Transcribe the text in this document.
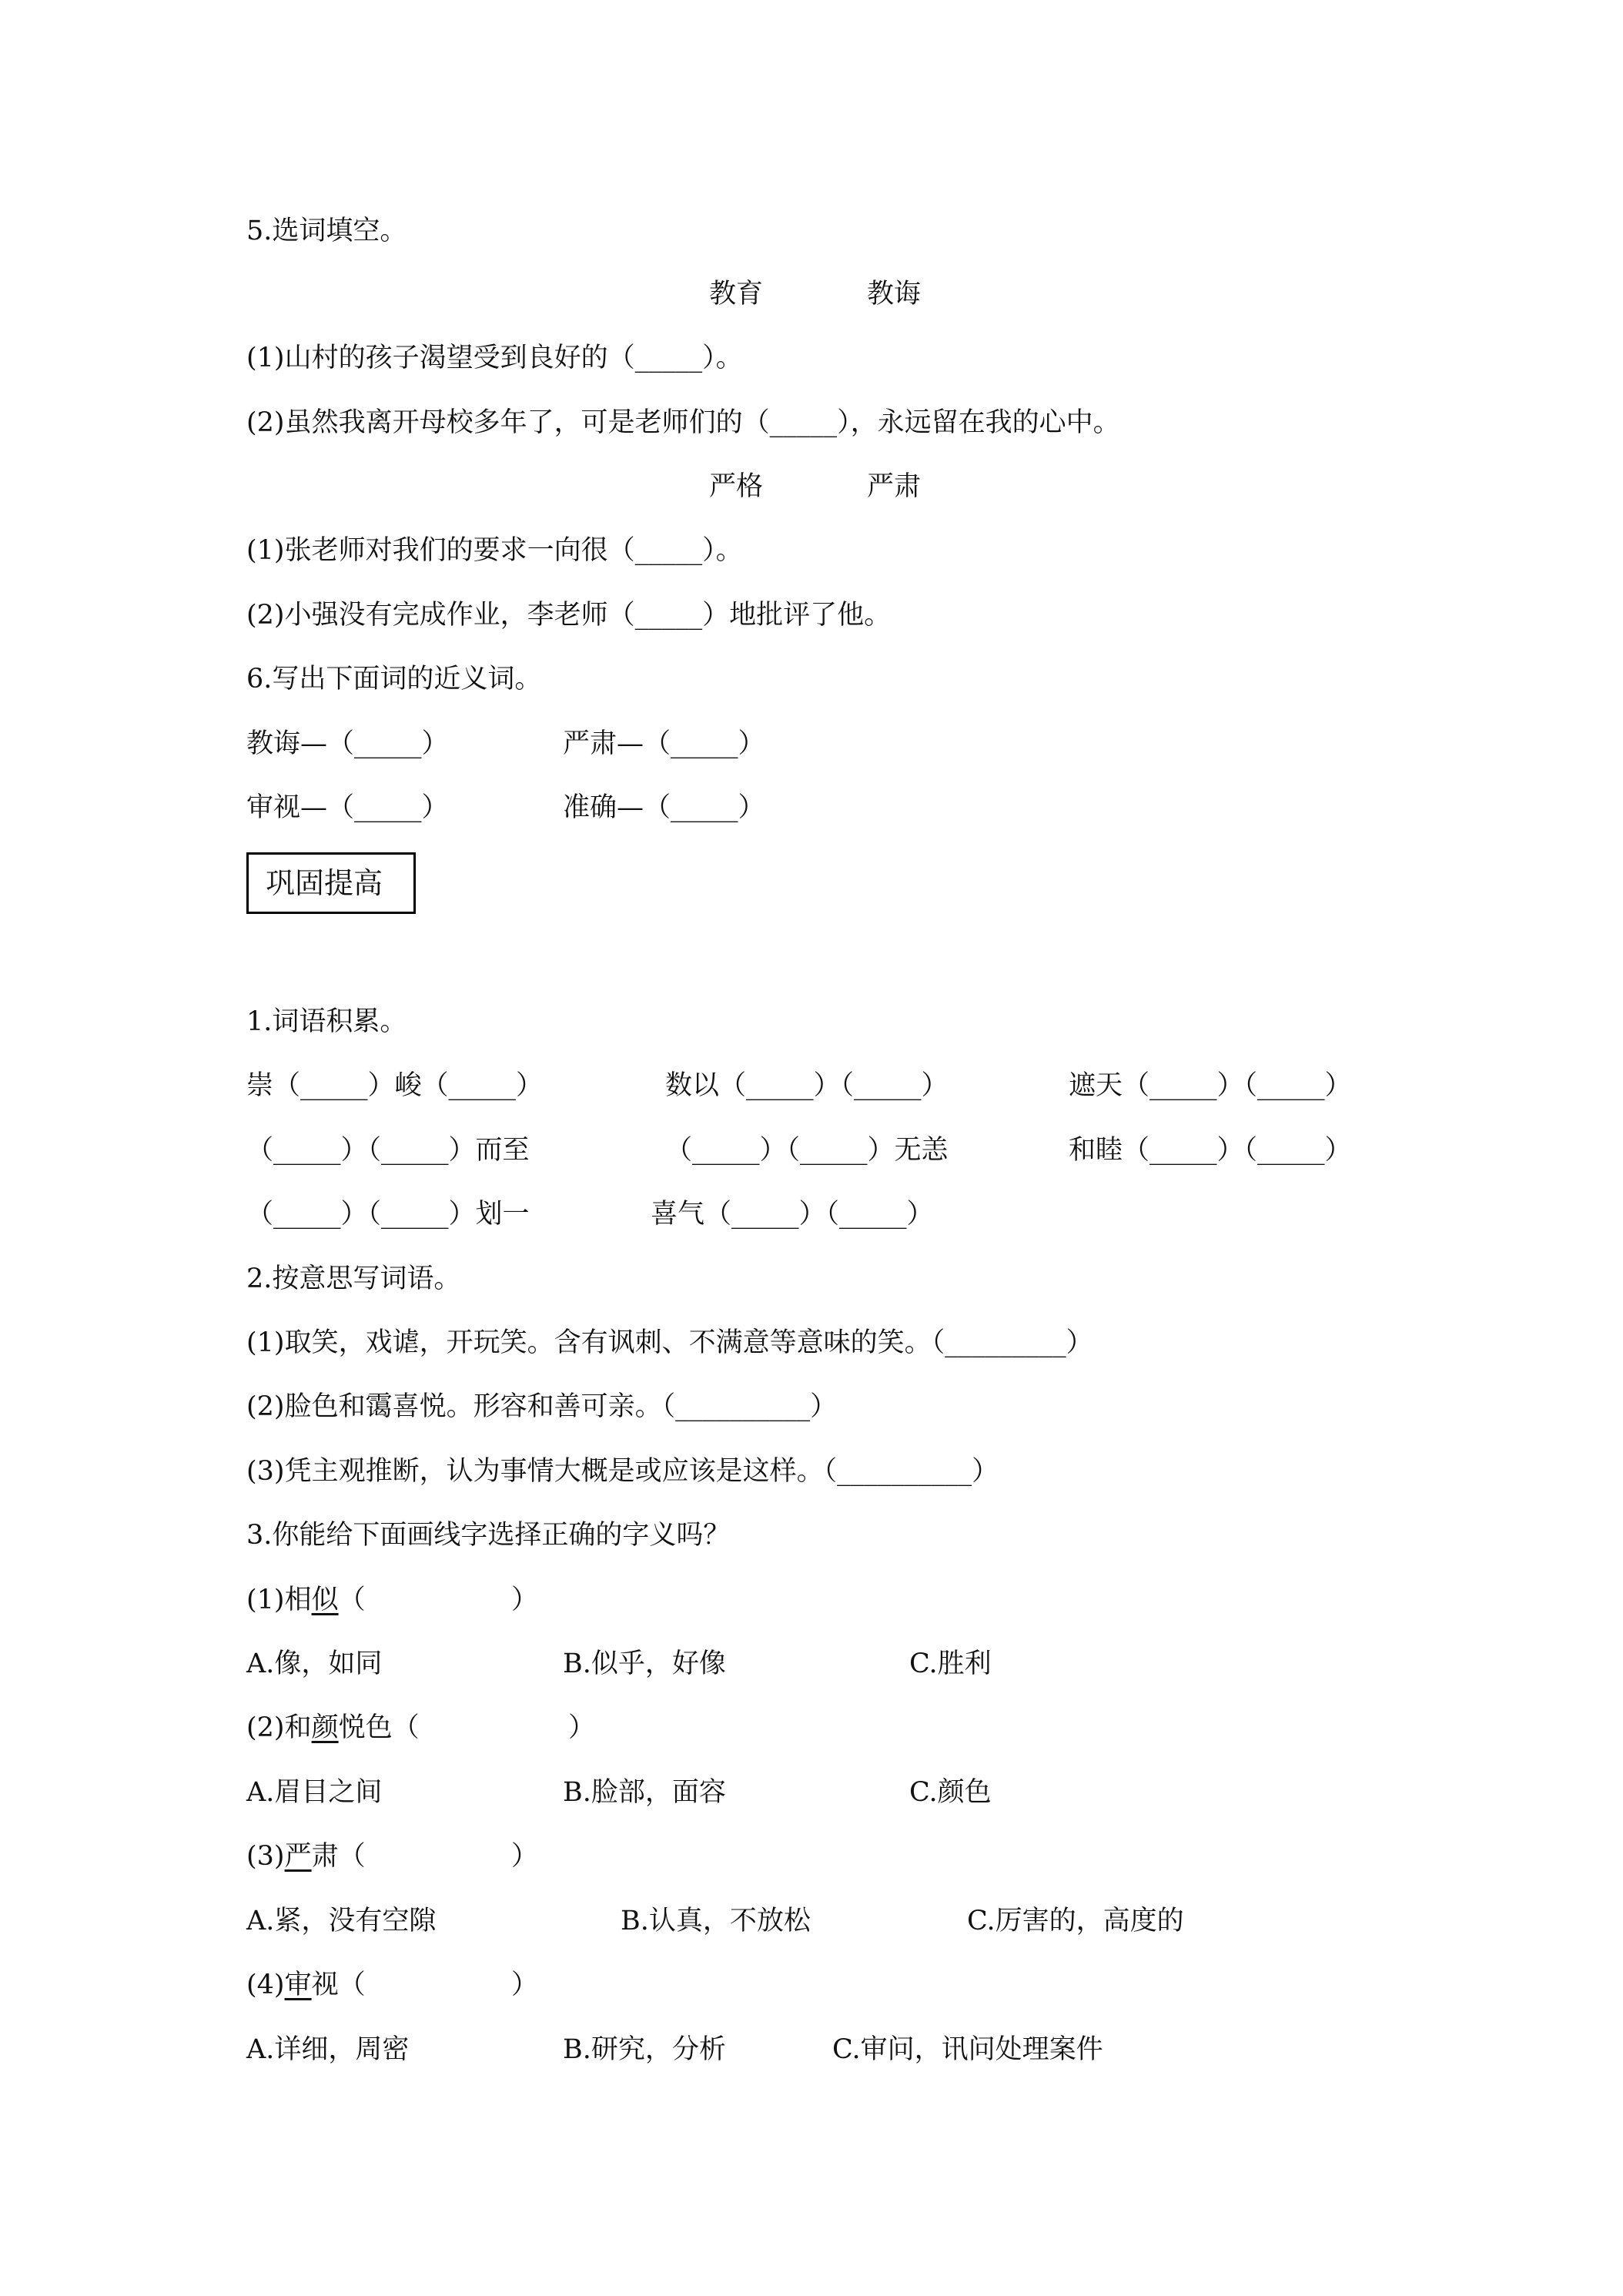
5.选词填空。
教育	教诲
(1)山村的孩子渴望受到良好的（_____）。
(2)虽然我离开母校多年了，可是老师们的（_____），永远留在我的心中。
严格	严肃
(1)张老师对我们的要求一向很（_____）。
(2)小强没有完成作业，李老师（_____）地批评了他。
6.写出下面词的近义词。
教诲—（_____）	严肃—（_____）
审视—（_____）	准确—（_____）
巩固提高
1.词语积累。
崇（_____）峻（_____）	数以（_____）（_____）	遮天（_____）（_____）
（_____）（_____）而至	（_____）（_____）无恙	和睦（_____）（_____）
（_____）（_____）划一	喜气（_____）（_____）
2.按意思写词语。
(1)取笑，戏谑，开玩笑。含有讽刺、不满意等意味的笑。（_________）
(2)脸色和霭喜悦。形容和善可亲。（__________）
(3)凭主观推断，认为事情大概是或应该是这样。（__________）
3.你能给下面画线字选择正确的字义吗？
(1)相似（	）
A.像，如同	B.似乎，好像	C.胜利
(2)和颜悦色（	）
A.眉目之间	B.脸部，面容	C.颜色
(3)严肃（	）
A.紧，没有空隙	B.认真，不放松	C.厉害的，高度的
(4)审视（	）
A.详细，周密	B.研究，分析	C.审问，讯问处理案件
